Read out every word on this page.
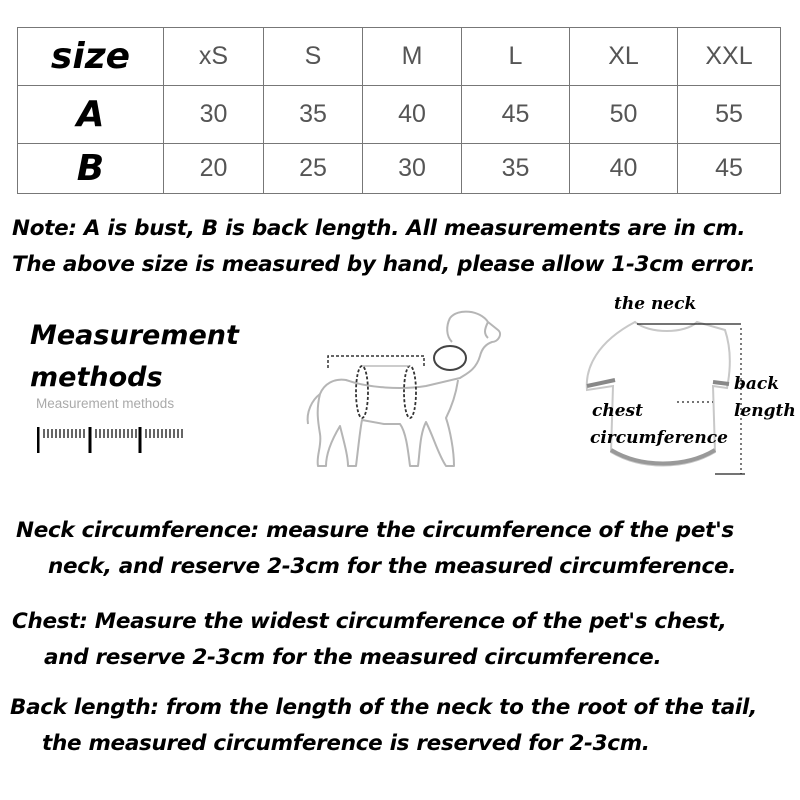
size	xS	S	M	L	XL	XXL
A	30	35	40	45	50	55
B	20	25	30	35	40	45
Note: A is bust, B is back length. All measurements are in cm.
The above size is measured by hand, please allow 1-3cm error.
Measurement
methods
Measurement methods
the neck
back
length
chest
circumference
Neck circumference: measure the circumference of the pet's
neck, and reserve 2-3cm for the measured circumference.
Chest: Measure the widest circumference of the pet's chest,
and reserve 2-3cm for the measured circumference.
Back length: from the length of the neck to the root of the tail,
the measured circumference is reserved for 2-3cm.
